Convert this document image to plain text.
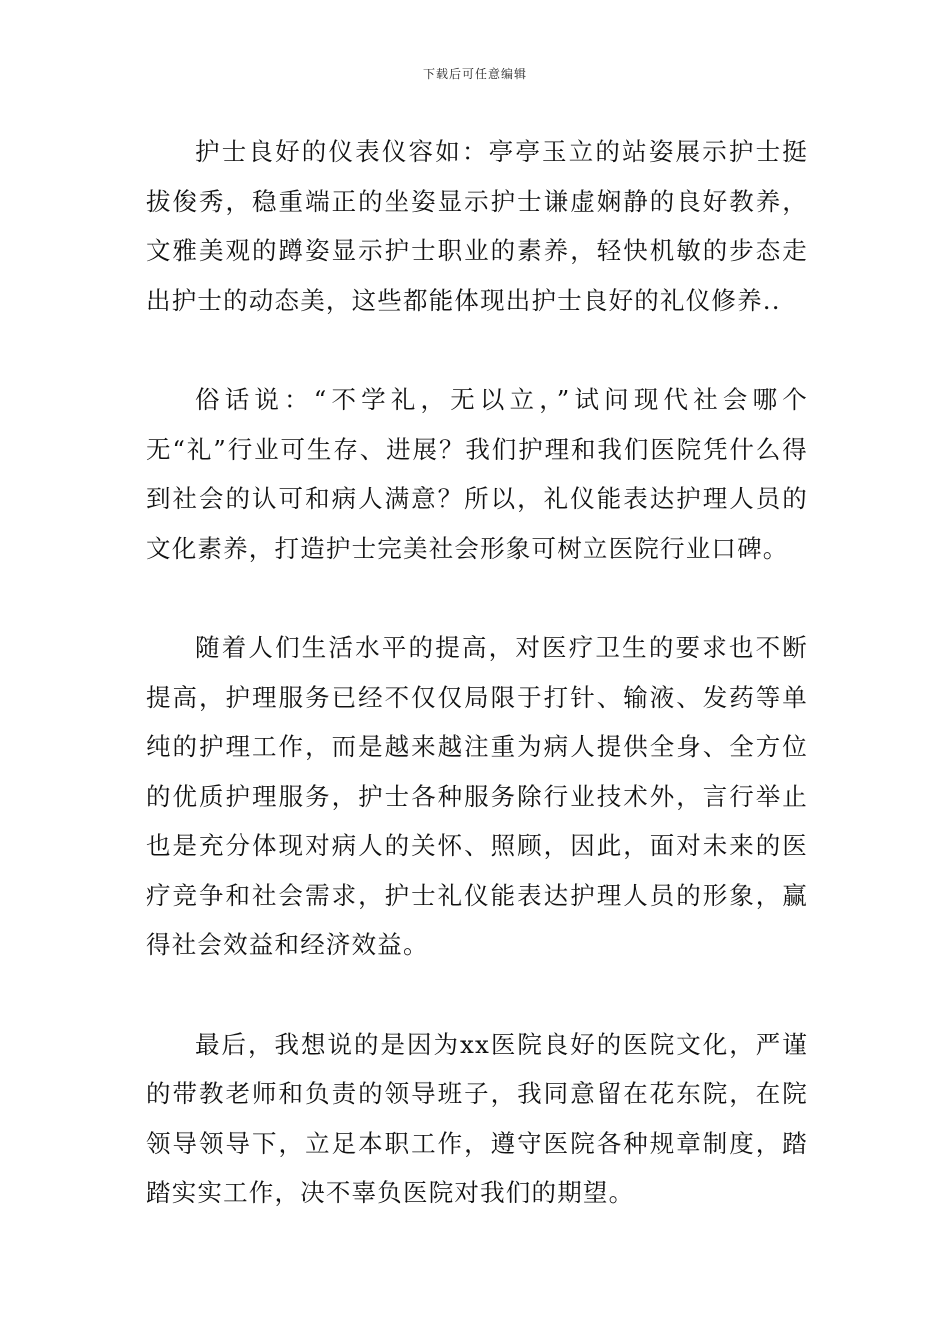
下载后可任意编辑

护士良好的仪表仪容如：亭亭玉立的站姿展示护士挺拔俊秀，稳重端正的坐姿显示护士谦虚娴静的良好教养，文雅美观的蹲姿显示护士职业的素养，轻快机敏的步态走出护士的动态美，这些都能体现出护士良好的礼仪修养..

俗话说：“不学礼，无以立，”试问现代社会哪个无“礼”行业可生存、进展？我们护理和我们医院凭什么得到社会的认可和病人满意？所以，礼仪能表达护理人员的文化素养，打造护士完美社会形象可树立医院行业口碑。

随着人们生活水平的提高，对医疗卫生的要求也不断提高，护理服务已经不仅仅局限于打针、输液、发药等单纯的护理工作，而是越来越注重为病人提供全身、全方位的优质护理服务，护士各种服务除行业技术外，言行举止也是充分体现对病人的关怀、照顾，因此，面对未来的医疗竞争和社会需求，护士礼仪能表达护理人员的形象，赢得社会效益和经济效益。

最后，我想说的是因为xx医院良好的医院文化，严谨的带教老师和负责的领导班子，我同意留在花东院，在院领导领导下，立足本职工作，遵守医院各种规章制度，踏踏实实工作，决不辜负医院对我们的期望。
